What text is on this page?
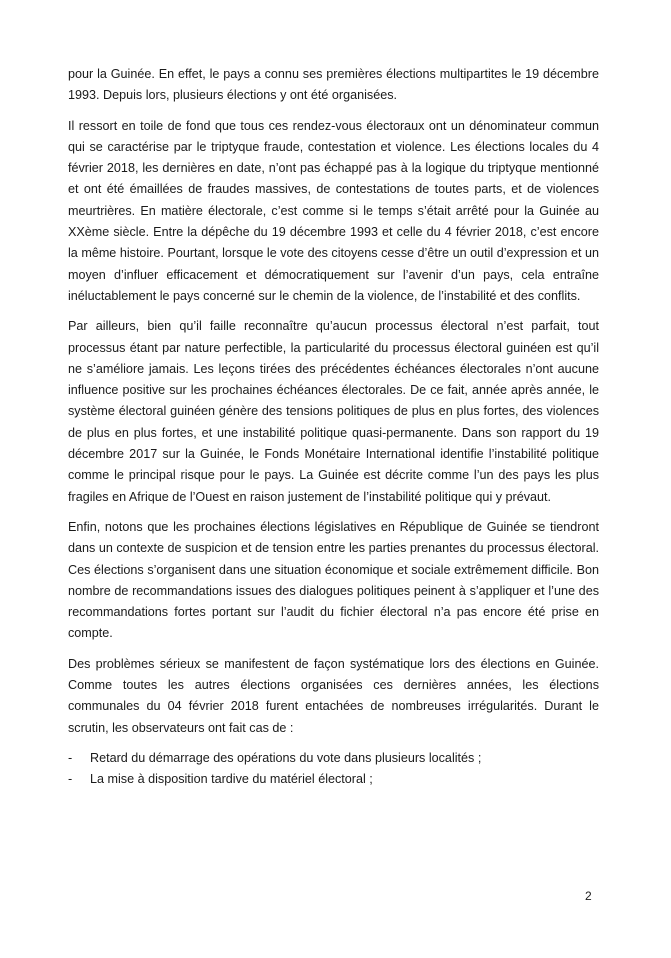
pour la Guinée. En effet, le pays a connu ses premières élections multipartites le 19 décembre 1993. Depuis lors, plusieurs élections y ont été organisées.

Il ressort en toile de fond que tous ces rendez-vous électoraux ont un dénominateur commun qui se caractérise par le triptyque fraude, contestation et violence. Les élections locales du 4 février 2018, les dernières en date, n’ont pas échappé pas à la logique du triptyque mentionné et ont été émaillées de fraudes massives, de contestations de toutes parts, et de violences meurtrières. En matière électorale, c’est comme si le temps s’était arrêté pour la Guinée au XXème siècle. Entre la dépêche du 19 décembre 1993 et celle du 4 février 2018, c’est encore la même histoire. Pourtant, lorsque le vote des citoyens cesse d’être un outil d’expression et un moyen d’influer efficacement et démocratiquement sur l’avenir d’un pays, cela entraîne inéluctablement le pays concerné sur le chemin de la violence, de l’instabilité et des conflits.

Par ailleurs, bien qu’il faille reconnaître qu’aucun processus électoral n’est parfait, tout processus étant par nature perfectible, la particularité du processus électoral guinéen est qu’il ne s’améliore jamais. Les leçons tirées des précédentes échéances électorales n’ont aucune influence positive sur les prochaines échéances électorales. De ce fait, année après année, le système électoral guinéen génère des tensions politiques de plus en plus fortes, des violences de plus en plus fortes, et une instabilité politique quasi-permanente. Dans son rapport du 19 décembre 2017 sur la Guinée, le Fonds Monétaire International identifie l’instabilité politique comme le principal risque pour le pays. La Guinée est décrite comme l’un des pays les plus fragiles en Afrique de l’Ouest en raison justement de l’instabilité politique qui y prévaut.

Enfin, notons que les prochaines élections législatives en République de Guinée se tiendront dans un contexte de suspicion et de tension entre les parties prenantes du processus électoral. Ces élections s’organisent dans une situation économique et sociale extrêmement difficile. Bon nombre de recommandations issues des dialogues politiques peinent à s’appliquer et l’une des recommandations fortes portant sur l’audit du fichier électoral n’a pas encore été prise en compte.

Des problèmes sérieux se manifestent de façon systématique lors des élections en Guinée. Comme toutes les autres élections organisées ces dernières années, les élections communales du 04 février 2018 furent entachées de nombreuses irrégularités. Durant le scrutin, les observateurs ont fait cas de :

- Retard du démarrage des opérations du vote dans plusieurs localités ;
- La mise à disposition tardive du matériel électoral ;
2
